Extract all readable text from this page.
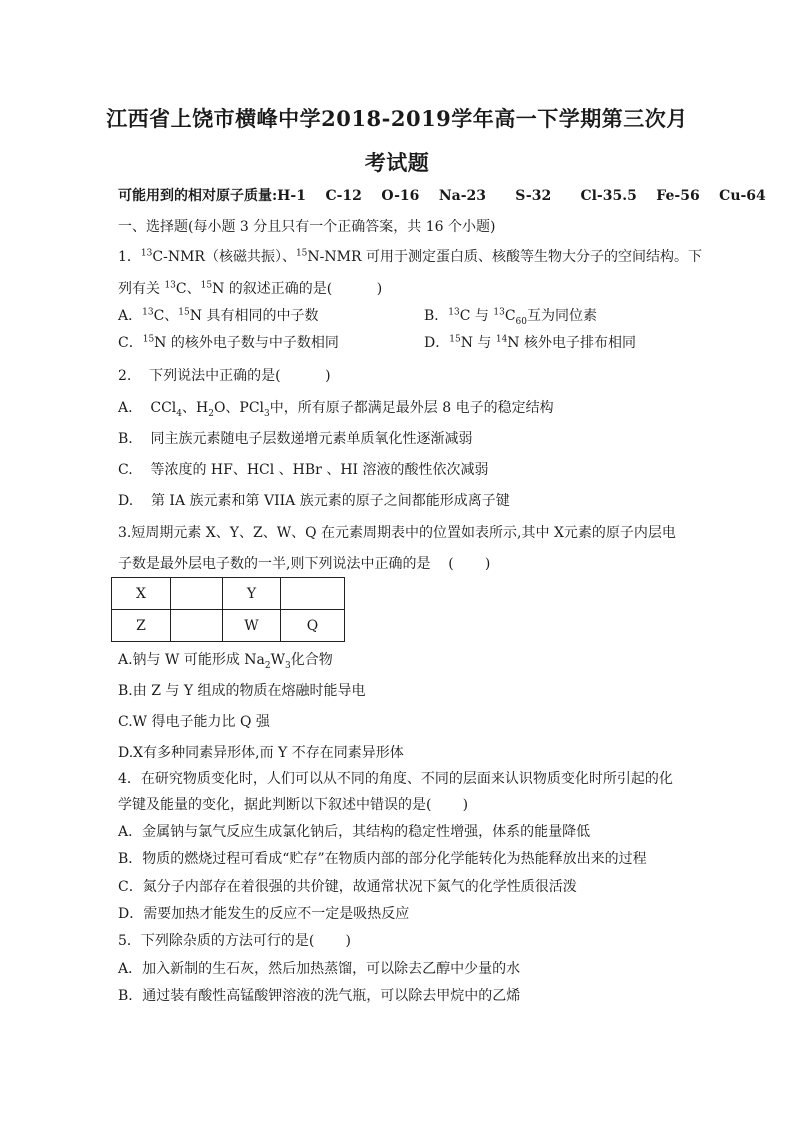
江西省上饶市横峰中学2018-2019学年高一下学期第三次月
考试题
可能用到的相对原子质量:H-1    C-12    O-16    Na-23      S-32      Cl-35.5    Fe-56    Cu-64
一、选择题(每小题 3 分且只有一个正确答案，共 16 个小题)
1．$^{13}$C-NMR（核磁共振）、$^{15}$N-NMR 可用于测定蛋白质、核酸等生物大分子的空间结构。下
列有关 $^{13}$C、$^{15}$N 的叙述正确的是(          )
A．$^{13}$C、$^{15}$N 具有相同的中子数	B．$^{13}$C 与 $^{13}C_{60}$互为同位素
C．$^{15}$N 的核外电子数与中子数相同	D．$^{15}$N 与 $^{14}$N 核外电子排布相同
2.    下列说法中正确的是(          )
A.    CCl$_4$、$H_2O$、PCl$_3$中，所有原子都满足最外层 8 电子的稳定结构
B.    同主族元素随电子层数递增元素单质氧化性逐渐减弱
C.    等浓度的 HF、HCl 、HBr 、HI 溶液的酸性依次减弱
D.    第 IA 族元素和第 VIIA 族元素的原子之间都能形成离子键
3.短周期元素 X、Y、Z、W、Q 在元素周期表中的位置如表所示,其中 X元素的原子内层电
子数是最外层电子数的一半,则下列说法中正确的是    (       )
X		Y	
Z		W	Q
A.钠与 W 可能形成 $Na_2W_3$化合物
B.由 Z 与 Y 组成的物质在熔融时能导电
C.W 得电子能力比 Q 强
D.X有多种同素异形体,而 Y 不存在同素异形体
4．在研究物质变化时，人们可以从不同的角度、不同的层面来认识物质变化时所引起的化
学键及能量的变化，据此判断以下叙述中错误的是(       )
A．金属钠与氯气反应生成氯化钠后，其结构的稳定性增强，体系的能量降低
B．物质的燃烧过程可看成“贮存”在物质内部的部分化学能转化为热能释放出来的过程
C．氮分子内部存在着很强的共价键，故通常状况下氮气的化学性质很活泼
D．需要加热才能发生的反应不一定是吸热反应
5．下列除杂质的方法可行的是(       )
A．加入新制的生石灰，然后加热蒸馏，可以除去乙醇中少量的水
B．通过装有酸性高锰酸钾溶液的洗气瓶，可以除去甲烷中的乙烯
